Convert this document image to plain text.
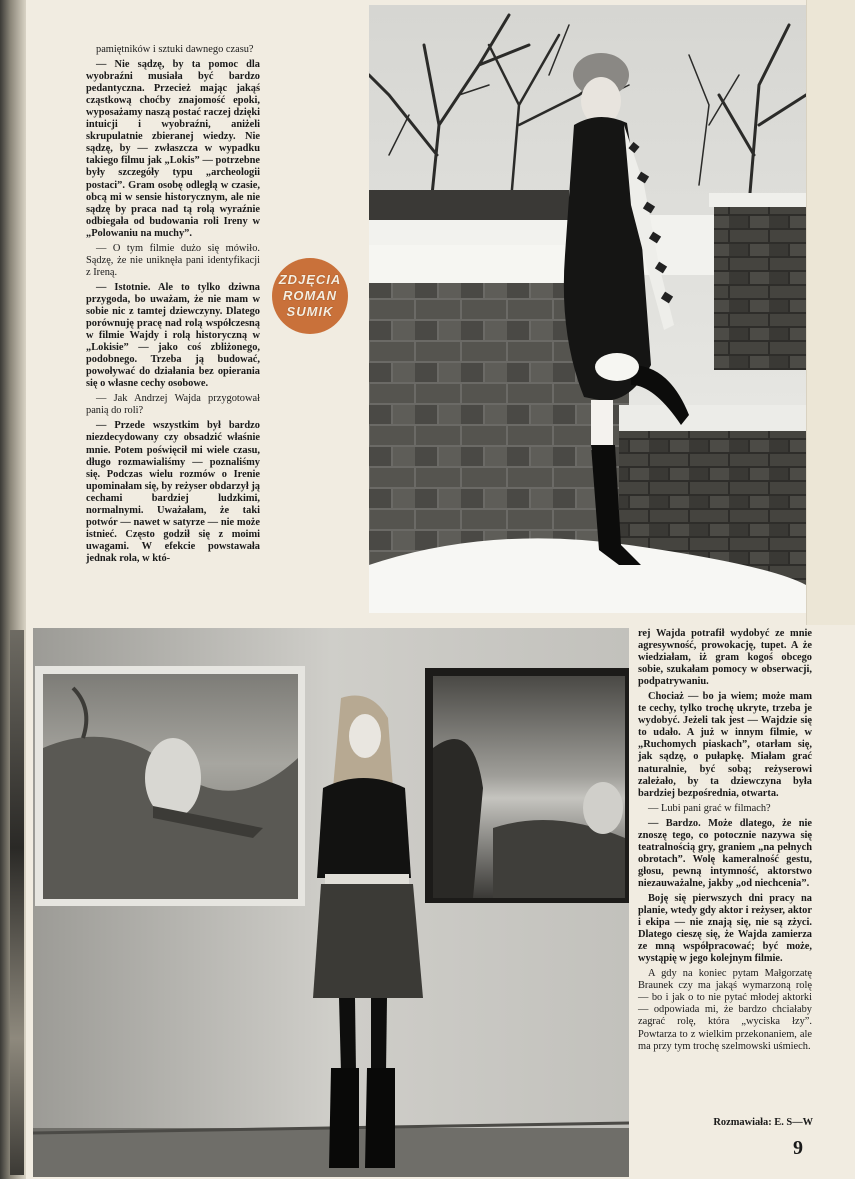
pamiętników i sztuki dawnego czasu?

— Nie sądzę, by ta pomoc dla wyobraźni musiała być bardzo pedantyczna. Przecież mając jakąś cząstkową choćby znajomość epoki, wyposażamy naszą postać raczej dzięki intuicji i wyobraźni, aniżeli skrupulatnie zbieranej wiedzy. Nie sądzę, by — zwłaszcza w wypadku takiego filmu jak „Lokis” — potrzebne były szczegóły typu „archeologii postaci”. Gram osobę odległą w czasie, obcą mi w sensie historycznym, ale nie sądzę by praca nad tą rolą wyraźnie odbiegała od budowania roli Ireny w „Polowaniu na muchy”.

— O tym filmie dużo się mówiło. Sądzę, że nie uniknęła pani identyfikacji z Ireną.

— Istotnie. Ale to tylko dziwna przygoda, bo uważam, że nie mam w sobie nic z tamtej dziewczyny. Dlatego porównuję pracę nad rolą współczesną w filmie Wajdy i rolą historyczną w „Lokisie” — jako coś zbliżonego, podobnego. Trzeba ją budować, powoływać do działania bez opierania się o własne cechy osobowe.

— Jak Andrzej Wajda przygotował panią do roli?

— Przede wszystkim był bardzo niezdecydowany czy obsadzić właśnie mnie. Potem poświęcił mi wiele czasu, długo rozmawialiśmy — poznaliśmy się. Podczas wielu rozmów o Irenie upominałam się, by reżyser obdarzył ją cechami bardziej ludzkimi, normalnymi. Uważałam, że taki potwór — nawet w satyrze — nie może istnieć. Często godził się z moimi uwagami. W efekcie powstawała jednak rola, w któ-

ZDJĘCIA
ROMAN
SUMIK

rej Wajda potrafił wydobyć ze mnie agresywność, prowokację, tupet. A że wiedziałam, iż gram kogoś obcego sobie, szukałam pomocy w obserwacji, podpatrywaniu.

Chociaż — bo ja wiem; może mam te cechy, tylko trochę ukryte, trzeba je wydobyć. Jeżeli tak jest — Wajdzie się to udało. A już w innym filmie, w „Ruchomych piaskach”, otarłam się, jak sądzę, o pułapkę. Miałam grać naturalnie, być sobą; reżyserowi zależało, by ta dziewczyna była bardziej bezpośrednia, otwarta.

— Lubi pani grać w filmach?

— Bardzo. Może dlatego, że nie znoszę tego, co potocznie nazywa się teatralnością gry, graniem „na pełnych obrotach”. Wolę kameralność gestu, głosu, pewną intymność, aktorstwo niezauważalne, jakby „od niechcenia”.

Boję się pierwszych dni pracy na planie, wtedy gdy aktor i reżyser, aktor i ekipa — nie znają się, nie są zżyci. Dlatego cieszę się, że Wajda zamierza ze mną współpracować; być może, wystąpię w jego kolejnym filmie.

A gdy na koniec pytam Małgorzatę Braunek czy ma jakąś wymarzoną rolę — bo i jak o to nie pytać młodej aktorki — odpowiada mi, że bardzo chciałaby zagrać rolę, która „wyciska łzy”. Powtarza to z wielkim przekonaniem, ale ma przy tym trochę szelmowski uśmiech.

Rozmawiała: E. S—W
9
